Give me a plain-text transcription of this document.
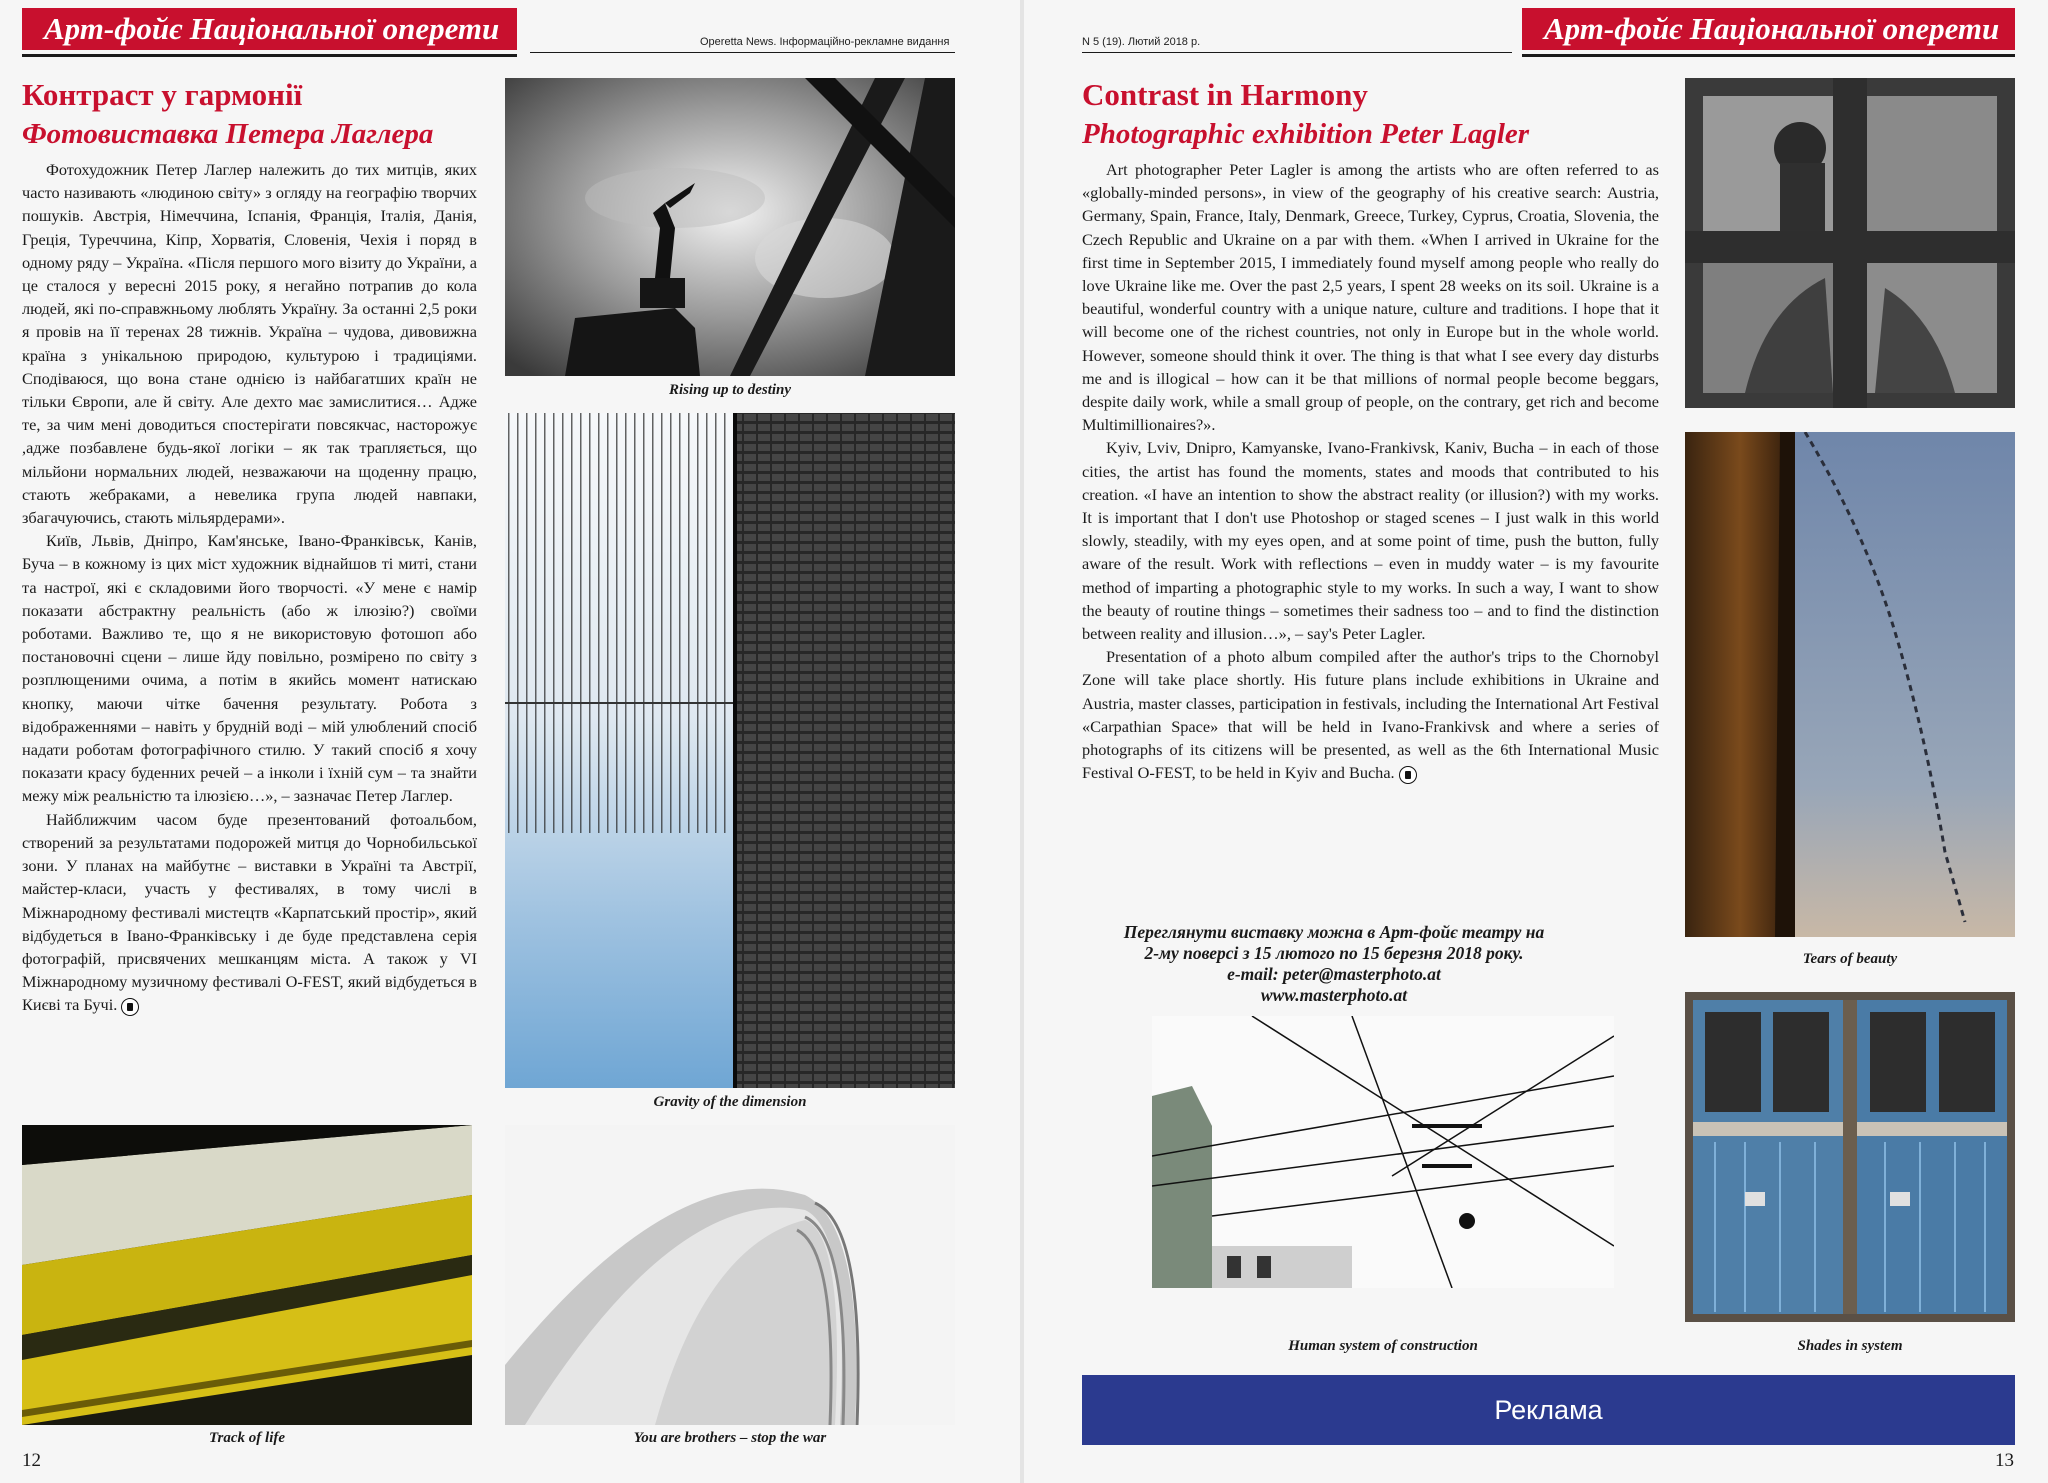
Арт-фойє Національної оперети	Operetta News. Інформаційно-рекламне видання
Контраст у гармонії
Фотовиставка Петера Лаглера

Фотохудожник Петер Лаглер належить до тих митців, яких часто називають «людиною світу» з огляду на географію творчих пошуків. Австрія, Німеччина, Іспанія, Франція, Італія, Данія, Греція, Туреччина, Кіпр, Хорватія, Словенія, Чехія і поряд в одному ряду – Україна. «Після першого мого візиту до України, а це сталося у вересні 2015 року, я негайно потрапив до кола людей, які по-справжньому люблять Україну. За останні 2,5 роки я провів на її теренах 28 тижнів. Україна – чудова, дивовижна країна з унікальною природою, культурою і традиціями. Сподіваюся, що вона стане однією із найбагатших країн не тільки Європи, але й світу. Але дехто має замислитися… Адже те, за чим мені доводиться спостерігати повсякчас, насторожує ,адже позбавлене будь-якої логіки – як так трапляється, що мільйони нормальних людей, незважаючи на щоденну працю, стають жебраками, а невелика група людей навпаки, збагачуючись, стають мільярдерами».

Київ, Львів, Дніпро, Кам'янське, Івано-Франківськ, Канів, Буча – в кожному із цих міст художник віднайшов ті миті, стани та настрої, які є складовими його творчості. «У мене є намір показати абстрактну реальність (або ж ілюзію?) своїми роботами. Важливо те, що я не використовую фотошоп або постановочні сцени – лише йду повільно, розмірено по світу з розплющеними очима, а потім в якийсь момент натискаю кнопку, маючи чітке бачення результату. Робота з відображеннями – навіть у брудній воді – мій улюблений спосіб надати роботам фотографічного стилю. У такий спосіб я хочу показати красу буденних речей – а інколи і їхній сум – та знайти межу між реальністю та ілюзією…», – зазначає Петер Лаглер.

Найближчим часом буде презентований фотоальбом, створений за результатами подорожей митця до Чорнобильської зони. У планах на майбутнє – виставки в Україні та Австрії, майстер-класи, участь у фестивалях, в тому числі в Міжнародному фестивалі мистецтв «Карпатський простір», який відбудеться в Івано-Франківську і де буде представлена серія фотографій, присвячених мешканцям міста. А також у VI Міжнародному музичному фестивалі O-FEST, який відбудеться в Києві та Бучі.

Rising up to destiny
Gravity of the dimension
Track of life	You are brothers – stop the war
12
N 5 (19). Лютий 2018 р.	Арт-фойє Національної оперети
Contrast in Harmony
Photographic exhibition Peter Lagler

Art photographer Peter Lagler is among the artists who are often referred to as «globally-minded persons», in view of the geography of his creative search: Austria, Germany, Spain, France, Italy, Denmark, Greece, Turkey, Cyprus, Croatia, Slovenia, the Czech Republic and Ukraine on a par with them. «When I arrived in Ukraine for the first time in September 2015, I immediately found myself among people who really do love Ukraine like me. Over the past 2,5 years, I spent 28 weeks on its soil. Ukraine is a beautiful, wonderful country with a unique nature, culture and traditions. I hope that it will become one of the richest countries, not only in Europe but in the whole world. However, someone should think it over. The thing is that what I see every day disturbs me and is illogical – how can it be that millions of normal people become beggars, despite daily work, while a small group of people, on the contrary, get rich and become Multimillionaires?».

Kyiv, Lviv, Dnipro, Kamyanske, Ivano-Frankivsk, Kaniv, Bucha – in each of those cities, the artist has found the moments, states and moods that contributed to his creation. «I have an intention to show the abstract reality (or illusion?) with my works. It is important that I don't use Photoshop or staged scenes – I just walk in this world slowly, steadily, with my eyes open, and at some point of time, push the button, fully aware of the result. Work with reflections – even in muddy water – is my favourite method of imparting a photographic style to my works. In such a way, I want to show the beauty of routine things – sometimes their sadness too – and to find the distinction between reality and illusion…», – say's Peter Lagler.

Presentation of a photo album compiled after the author's trips to the Chornobyl Zone will take place shortly. His future plans include exhibitions in Ukraine and Austria, master classes, participation in festivals, including the International Art Festival «Carpathian Space» that will be held in Ivano-Frankivsk and where a series of photographs of its citizens will be presented, as well as the 6th International Music Festival O-FEST, to be held in Kyiv and Bucha.

Переглянути виставку можна в Арт-фойє театру на
2-му поверсі з 15 лютого по 15 березня 2018 року.
e-mail: peter@masterphoto.at
www.masterphoto.at
Tears of beauty
Human system of construction	Shades in system
Реклама
13
